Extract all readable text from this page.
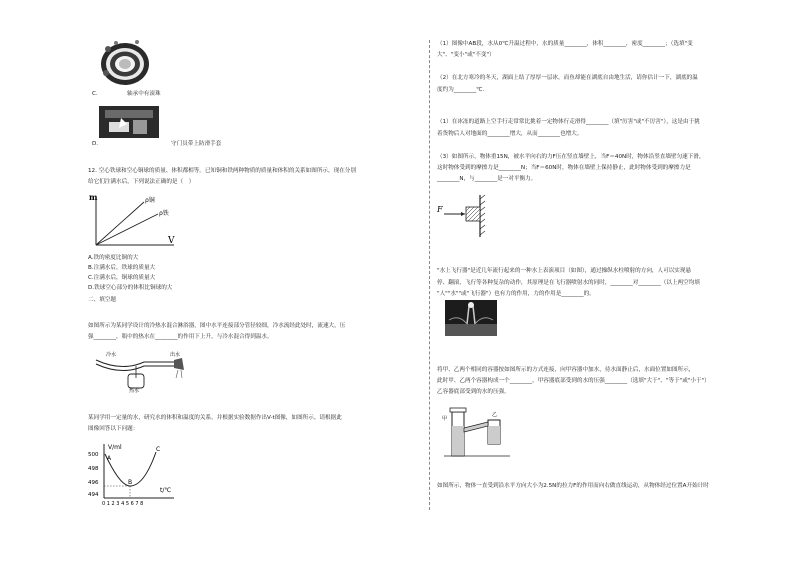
C.	轴承中有滚珠
D.	守门员带上防滑手套
12. 空心铁球和空心铜球的质量、体积都相等。已知铜和铁两种物质的质量和体积的关系如图所示，现在分别
给它们注满水后，下列说法正确的是（　）
m
V
ρ铜
ρ铁
A.铁的密度比铜的大
B.注满水后，铁球的质量大
C.注满水后，铜球的质量大
D.铁球空心部分的体积比铜球的大
二、填空题
如图所示为某同学设计的冷热水混合淋浴器，图中水平连接部分管径较细，冷水流经此处时，流速大，压
强________，瓶中的热水在________的作用下上升，与冷水混合得到温水。
冷水
热水
出水
某同学用一定量的水，研究水的体积和温度的关系，并根据实验数据作出V-t图像，如图所示。请根据此
图像回答以下问题：
V/ml
t/℃
500
498
496
494
0 1 2 3 4 5 6 7 8
A
B
C
（1）图像中AB段，水从0℃升温过程中，水的质量________，体积________，密度________；（选填"变
大"、"变小"或"不变"）
（2）在北方寒冷的冬天，湖面上结了厚厚一层冰，而鱼却能在湖底自由地生活，请你估计一下，湖底的温
度约为________℃.
（1）在冰冻的道路上空手行走常常比挑着一定物体行走滑得________（填"厉害"或"不厉害"），这是由于挑
着货物后人对地面的________增大，从而________也增大。
（3）如图所示，物体重15N，被水平向右的力F压在竖直墙壁上，当F＝40N时，物体沿竖直墙壁匀速下滑，
这时物体受到的摩擦力是________N；当F＝60N时，物体在墙壁上保持静止，此时物体受到的摩擦力是
________N，与________是一对平衡力。
F
"水上飞行器"是近几年流行起来的一种水上表演项目（如图），通过操纵水柱喷射的方向，人可以实现悬
停、翻滚、飞行等各种复杂的动作，其原理是在飞行器喷射水的同时，________对________（以上两空均填
"人""水""或"飞行器"）也有力的作用，力的作用是________的。
将甲、乙两个相同的容器按如图所示的方式连接，向甲容器中加水，待水面静止后，水面位置如图所示，
此时甲、乙两个容器构成一个________，甲容器底部受到的水的压强________（选填"大于"、"等于"或"小于"）
乙容器底部受到的水的压强。
甲
乙
如图所示，物体一直受到沿水平方向大小为2.5N的拉力F的作用而向右做直线运动，从物体经过位置A开始计时
